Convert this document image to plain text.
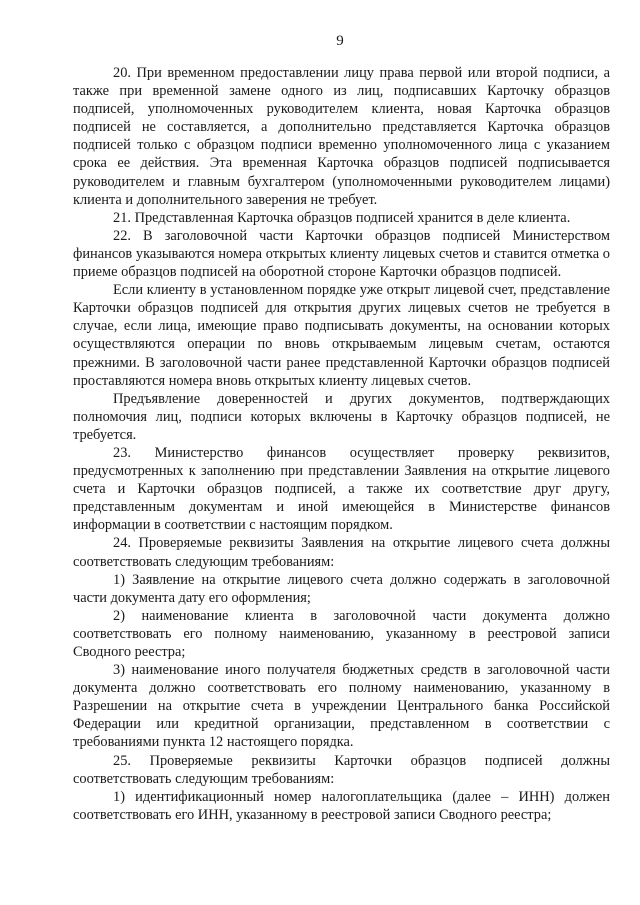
9

20. При временном предоставлении лицу права первой или второй подписи, а также при временной замене одного из лиц, подписавших Карточку образцов подписей, уполномоченных руководителем клиента, новая Карточка образцов подписей не составляется, а дополнительно представляется Карточка образцов подписей только с образцом подписи временно уполномоченного лица с указанием срока ее действия. Эта временная Карточка образцов подписей подписывается руководителем и главным бухгалтером (уполномоченными руководителем лицами) клиента и дополнительного заверения не требует.

21. Представленная Карточка образцов подписей хранится в деле клиента.

22. В заголовочной части Карточки образцов подписей Министерством финансов указываются номера открытых клиенту лицевых счетов и ставится отметка о приеме образцов подписей на оборотной стороне Карточки образцов подписей.

Если клиенту в установленном порядке уже открыт лицевой счет, представление Карточки образцов подписей для открытия других лицевых счетов не требуется в случае, если лица, имеющие право подписывать документы, на основании которых осуществляются операции по вновь открываемым лицевым счетам, остаются прежними. В заголовочной части ранее представленной Карточки образцов подписей проставляются номера вновь открытых клиенту лицевых счетов.

Предъявление доверенностей и других документов, подтверждающих полномочия лиц, подписи которых включены в Карточку образцов подписей, не требуется.

23. Министерство финансов осуществляет проверку реквизитов, предусмотренных к заполнению при представлении Заявления на открытие лицевого счета и Карточки образцов подписей, а также их соответствие друг другу, представленным документам и иной имеющейся в Министерстве финансов информации в соответствии с настоящим порядком.

24. Проверяемые реквизиты Заявления на открытие лицевого счета должны соответствовать следующим требованиям:

1) Заявление на открытие лицевого счета должно содержать в заголовочной части документа дату его оформления;

2) наименование клиента в заголовочной части документа должно соответствовать его полному наименованию, указанному в реестровой записи Сводного реестра;

3) наименование иного получателя бюджетных средств в заголовочной части документа должно соответствовать его полному наименованию, указанному в Разрешении на открытие счета в учреждении Центрального банка Российской Федерации или кредитной организации, представленном в соответствии с требованиями пункта 12 настоящего порядка.

25. Проверяемые реквизиты Карточки образцов подписей должны соответствовать следующим требованиям:

1) идентификационный номер налогоплательщика (далее – ИНН) должен соответствовать его ИНН, указанному в реестровой записи Сводного реестра;
